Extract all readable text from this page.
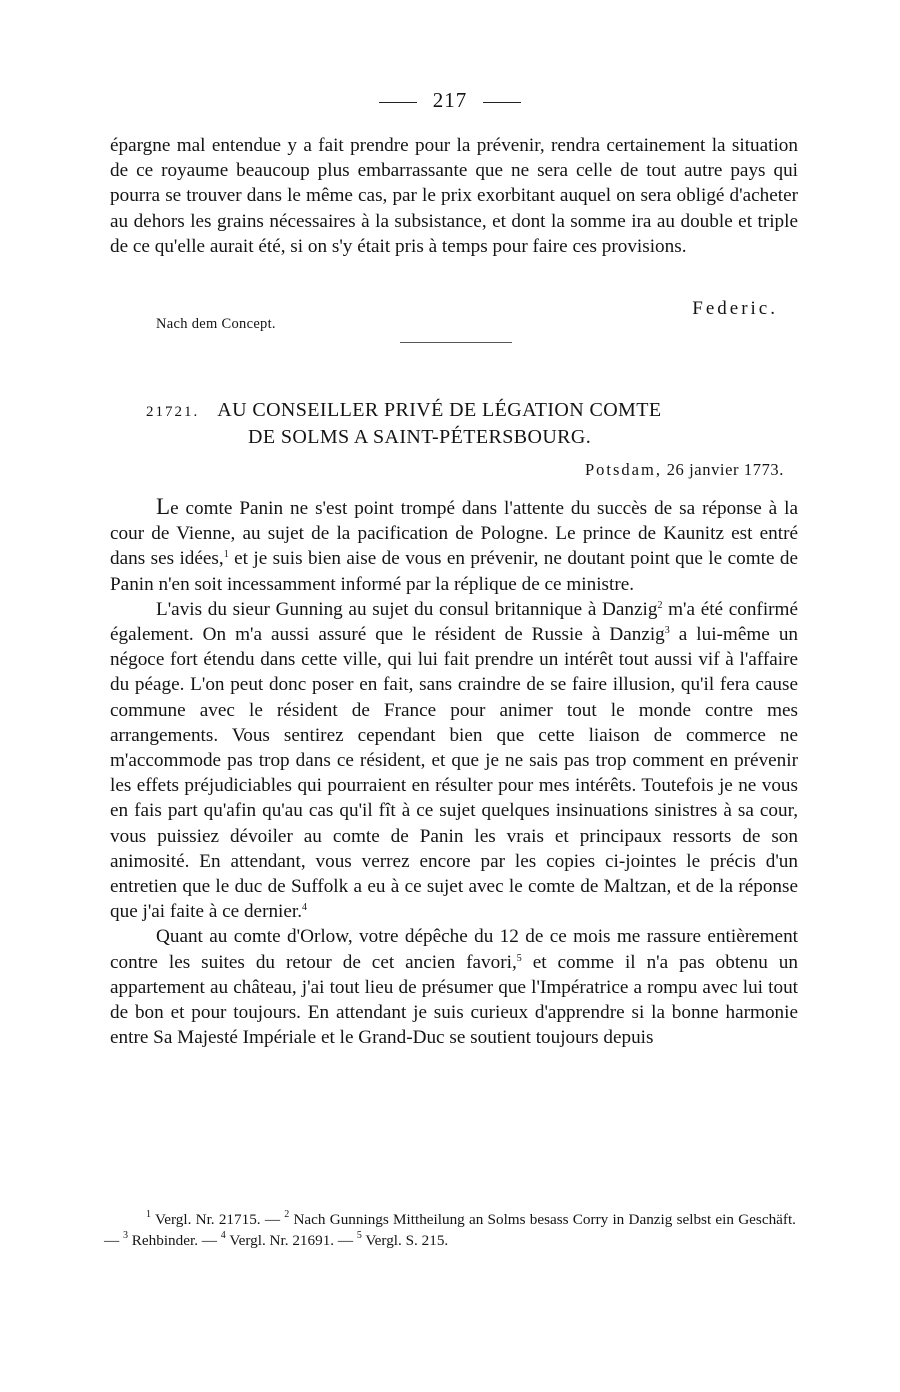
217

épargne mal entendue y a fait prendre pour la prévenir, rendra certainement la situation de ce royaume beaucoup plus embarrassante que ne sera celle de tout autre pays qui pourra se trouver dans le même cas, par le prix exorbitant auquel on sera obligé d'acheter au dehors les grains nécessaires à la subsistance, et dont la somme ira au double et triple de ce qu'elle aurait été, si on s'y était pris à temps pour faire ces provisions.

Federic.
Nach dem Concept.
21721. AU CONSEILLER PRIVÉ DE LÉGATION COMTE
DE SOLMS A SAINT-PÉTERSBOURG.
Potsdam, 26 janvier 1773.

Le comte Panin ne s'est point trompé dans l'attente du succès de sa réponse à la cour de Vienne, au sujet de la pacification de Pologne. Le prince de Kaunitz est entré dans ses idées,$^1$ et je suis bien aise de vous en prévenir, ne doutant point que le comte de Panin n'en soit incessamment informé par la réplique de ce ministre.

L'avis du sieur Gunning au sujet du consul britannique à Danzig$^2$ m'a été confirmé également. On m'a aussi assuré que le résident de Russie à Danzig$^3$ a lui-même un négoce fort étendu dans cette ville, qui lui fait prendre un intérêt tout aussi vif à l'affaire du péage. L'on peut donc poser en fait, sans craindre de se faire illusion, qu'il fera cause commune avec le résident de France pour animer tout le monde contre mes arrangements. Vous sentirez cependant bien que cette liaison de commerce ne m'accommode pas trop dans ce résident, et que je ne sais pas trop comment en prévenir les effets préjudiciables qui pourraient en résulter pour mes intérêts. Toutefois je ne vous en fais part qu'afin qu'au cas qu'il fît à ce sujet quelques insinuations sinistres à sa cour, vous puissiez dévoiler au comte de Panin les vrais et principaux ressorts de son animosité. En attendant, vous verrez encore par les copies ci-jointes le précis d'un entretien que le duc de Suffolk a eu à ce sujet avec le comte de Maltzan, et de la réponse que j'ai faite à ce dernier.$^4$

Quant au comte d'Orlow, votre dépêche du 12 de ce mois me rassure entièrement contre les suites du retour de cet ancien favori,$^5$ et comme il n'a pas obtenu un appartement au château, j'ai tout lieu de présumer que l'Impératrice a rompu avec lui tout de bon et pour toujours. En attendant je suis curieux d'apprendre si la bonne harmonie entre Sa Majesté Impériale et le Grand-Duc se soutient toujours depuis

$^1$ Vergl. Nr. 21715. — $^2$ Nach Gunnings Mittheilung an Solms besass Corry in Danzig selbst ein Geschäft. — $^3$ Rehbinder. — $^4$ Vergl. Nr. 21691. — $^5$ Vergl. S. 215.
